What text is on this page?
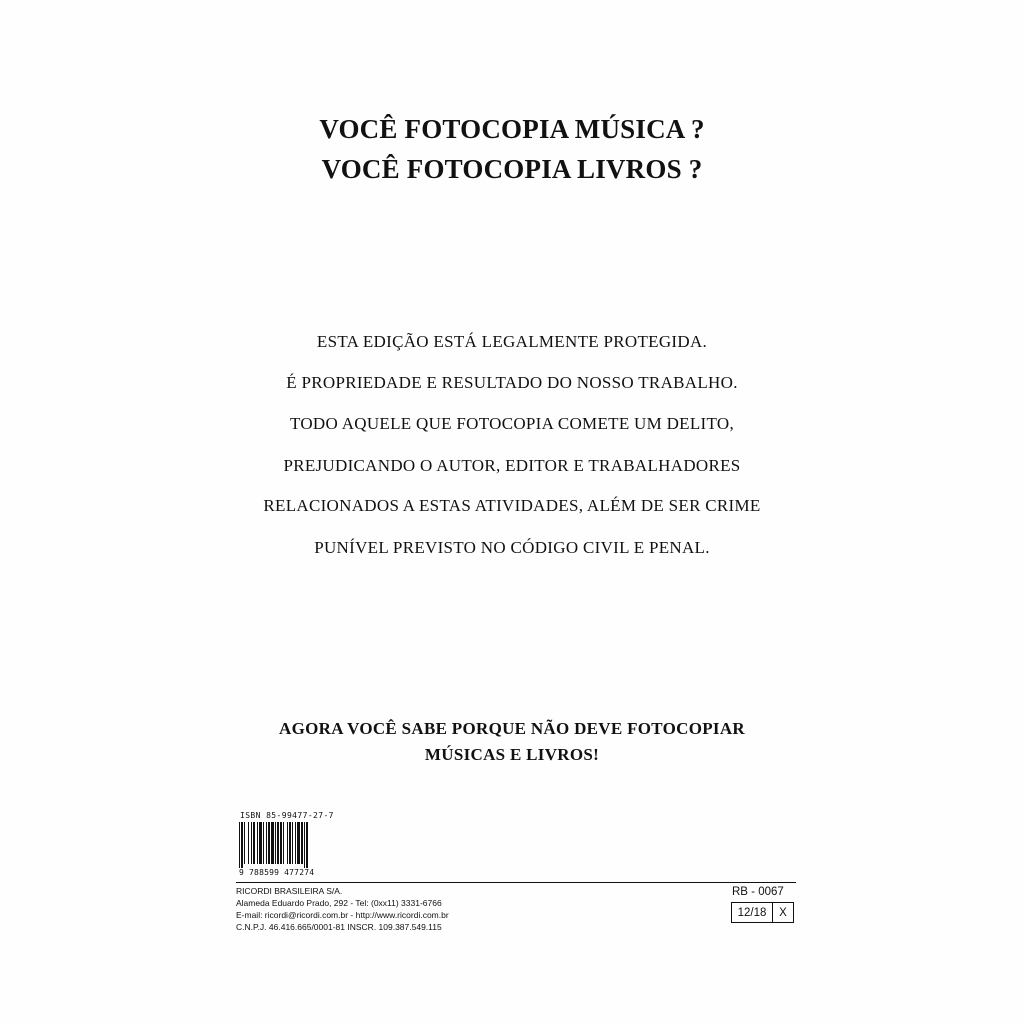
VOCÊ FOTOCOPIA MÚSICA ?
VOCÊ FOTOCOPIA LIVROS ?
ESTA EDIÇÃO ESTÁ LEGALMENTE PROTEGIDA.
É PROPRIEDADE E RESULTADO DO NOSSO TRABALHO.
TODO AQUELE QUE FOTOCOPIA COMETE UM DELITO,
PREJUDICANDO O AUTOR, EDITOR E TRABALHADORES
RELACIONADOS A ESTAS ATIVIDADES, ALÉM DE SER CRIME
PUNÍVEL PREVISTO NO CÓDIGO CIVIL E PENAL.
AGORA VOCÊ SABE PORQUE NÃO DEVE FOTOCOPIAR
MÚSICAS E LIVROS!
ISBN 85-99477-27-7
9 788599 477274
RICORDI BRASILEIRA S/A.
Alameda Eduardo Prado, 292 - Tel: (0xx11) 3331-6766
E-mail: ricordi@ricordi.com.br - http://www.ricordi.com.br
C.N.P.J. 46.416.665/0001-81 INSCR. 109.387.549.115
RB - 0067
12/18	X
